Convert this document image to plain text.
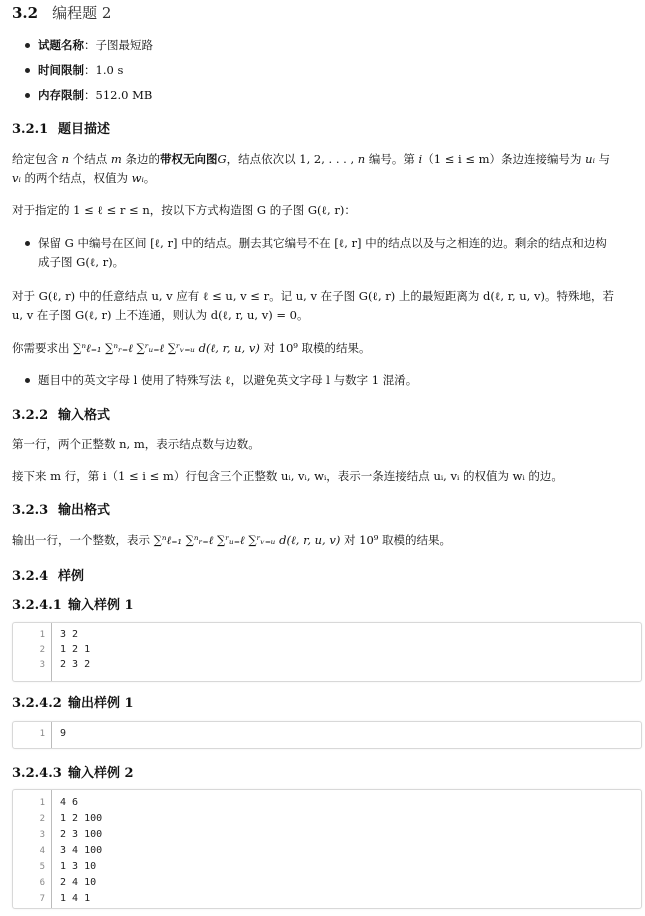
3.2 编程题 2
试题名称：子图最短路
时间限制：1.0 s
内存限制：512.0 MB
3.2.1 题目描述
给定包含 n 个结点 m 条边的带权无向图G，结点依次以 1, 2, . . . , n 编号。第 i（1 ≤ i ≤ m）条边连接编号为 uᵢ 与
vᵢ 的两个结点，权值为 wᵢ。
对于指定的 1 ≤ ℓ ≤ r ≤ n，按以下方式构造图 G 的子图 G(ℓ, r)：
保留 G 中编号在区间 [ℓ, r] 中的结点。删去其它编号不在 [ℓ, r] 中的结点以及与之相连的边。剩余的结点和边构
成子图 G(ℓ, r)。
对于 G(ℓ, r) 中的任意结点 u, v 应有 ℓ ≤ u, v ≤ r。记 u, v 在子图 G(ℓ, r) 上的最短距离为 d(ℓ, r, u, v)。特殊地，若
u, v 在子图 G(ℓ, r) 上不连通，则认为 d(ℓ, r, u, v) = 0。
你需要求出 ∑ⁿℓ₌₁ ∑ⁿᵣ₌ℓ ∑ʳᵤ₌ℓ ∑ʳᵥ₌ᵤ d(ℓ, r, u, v) 对 10⁹ 取模的结果。
题目中的英文字母 l 使用了特殊写法 ℓ，以避免英文字母 l 与数字 1 混淆。
3.2.2 输入格式
第一行，两个正整数 n, m，表示结点数与边数。
接下来 m 行，第 i（1 ≤ i ≤ m）行包含三个正整数 uᵢ, vᵢ, wᵢ，表示一条连接结点 uᵢ, vᵢ 的权值为 wᵢ 的边。
3.2.3 输出格式
输出一行，一个整数，表示 ∑ⁿℓ₌₁ ∑ⁿᵣ₌ℓ ∑ʳᵤ₌ℓ ∑ʳᵥ₌ᵤ d(ℓ, r, u, v) 对 10⁹ 取模的结果。
3.2.4 样例
3.2.4.1 输入样例 1
1 3 2
2 1 2 1
3 2 3 2
3.2.4.2 输出样例 1
1 9
3.2.4.3 输入样例 2
1 4 6
2 1 2 100
3 2 3 100
4 3 4 100
5 1 3 10
6 2 4 10
7 1 4 1
